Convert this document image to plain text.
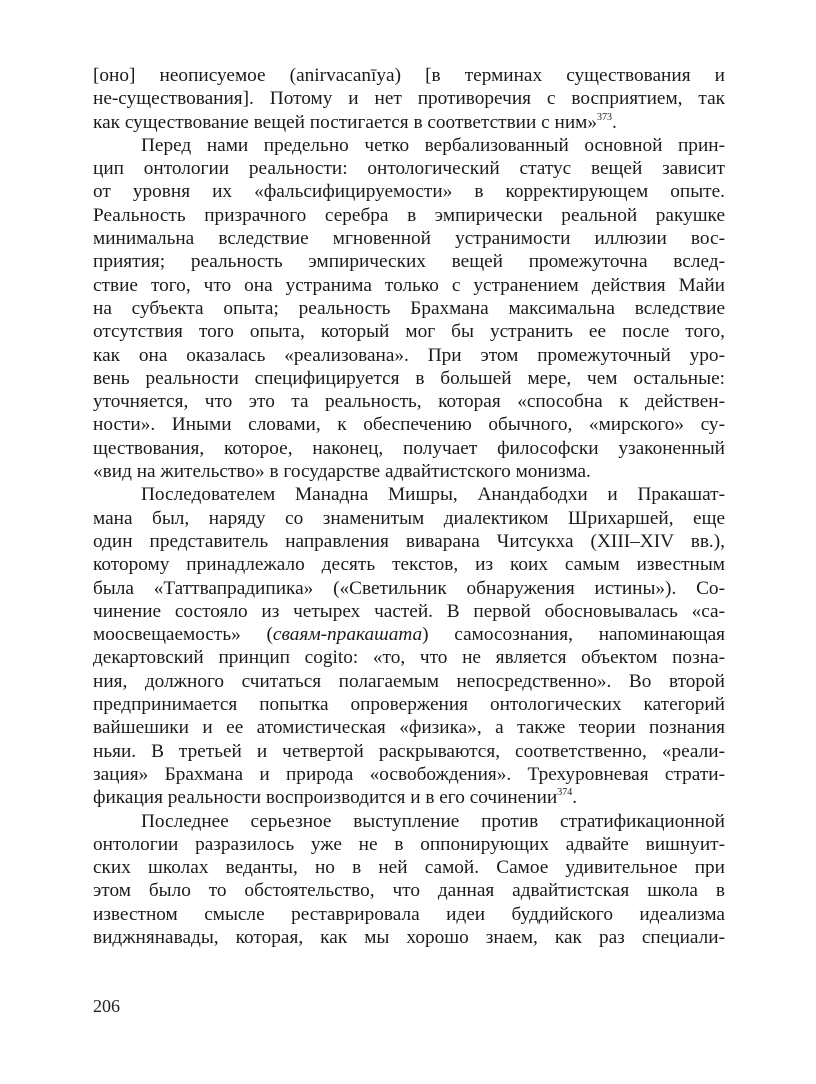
[оно] неописуемое (anirvacanīya) [в терминах существования и
не-существования]. Потому и нет противоречия с восприятием, так
как существование вещей постигается в соответствии с ним»$^{373}$.

Перед нами предельно четко вербализованный основной прин-
цип онтологии реальности: онтологический статус вещей зависит
от уровня их «фальсифицируемости» в корректирующем опыте.
Реальность призрачного серебра в эмпирически реальной ракушке
минимальна вследствие мгновенной устранимости иллюзии вос-
приятия; реальность эмпирических вещей промежуточна вслед-
ствие того, что она устранима только с устранением действия Майи
на субъекта опыта; реальность Брахмана максимальна вследствие
отсутствия того опыта, который мог бы устранить ее после того,
как она оказалась «реализована». При этом промежуточный уро-
вень реальности специфицируется в большей мере, чем остальные:
уточняется, что это та реальность, которая «способна к действен-
ности». Иными словами, к обеспечению обычного, «мирского» су-
ществования, которое, наконец, получает философски узаконенный
«вид на жительство» в государстве адвайтистского монизма.

Последователем Манадна Мишры, Анандабодхи и Пракашат-
мана был, наряду со знаменитым диалектиком Шрихаршей, еще
один представитель направления виварана Читсукха (XIII–XIV вв.),
которому принадлежало десять текстов, из коих самым известным
была «Таттвапрадипика» («Светильник обнаружения истины»). Со-
чинение состояло из четырех частей. В первой обосновывалась «са-
моосвещаемость» (сваям-пракашата) самосознания, напоминающая
декартовский принцип cogito: «то, что не является объектом позна-
ния, должного считаться полагаемым непосредственно». Во второй
предпринимается попытка опровержения онтологических категорий
вайшешики и ее атомистическая «физика», а также теории познания
ньяи. В третьей и четвертой раскрываются, соответственно, «реали-
зация» Брахмана и природа «освобождения». Трехуровневая страти-
фикация реальности воспроизводится и в его сочинении$^{374}$.

Последнее серьезное выступление против стратификационной
онтологии разразилось уже не в оппонирующих адвайте вишнуит-
ских школах веданты, но в ней самой. Самое удивительное при
этом было то обстоятельство, что данная адвайтистская школа в
известном смысле реставрировала идеи буддийского идеализма
виджнянавады, которая, как мы хорошо знаем, как раз специали-

206
